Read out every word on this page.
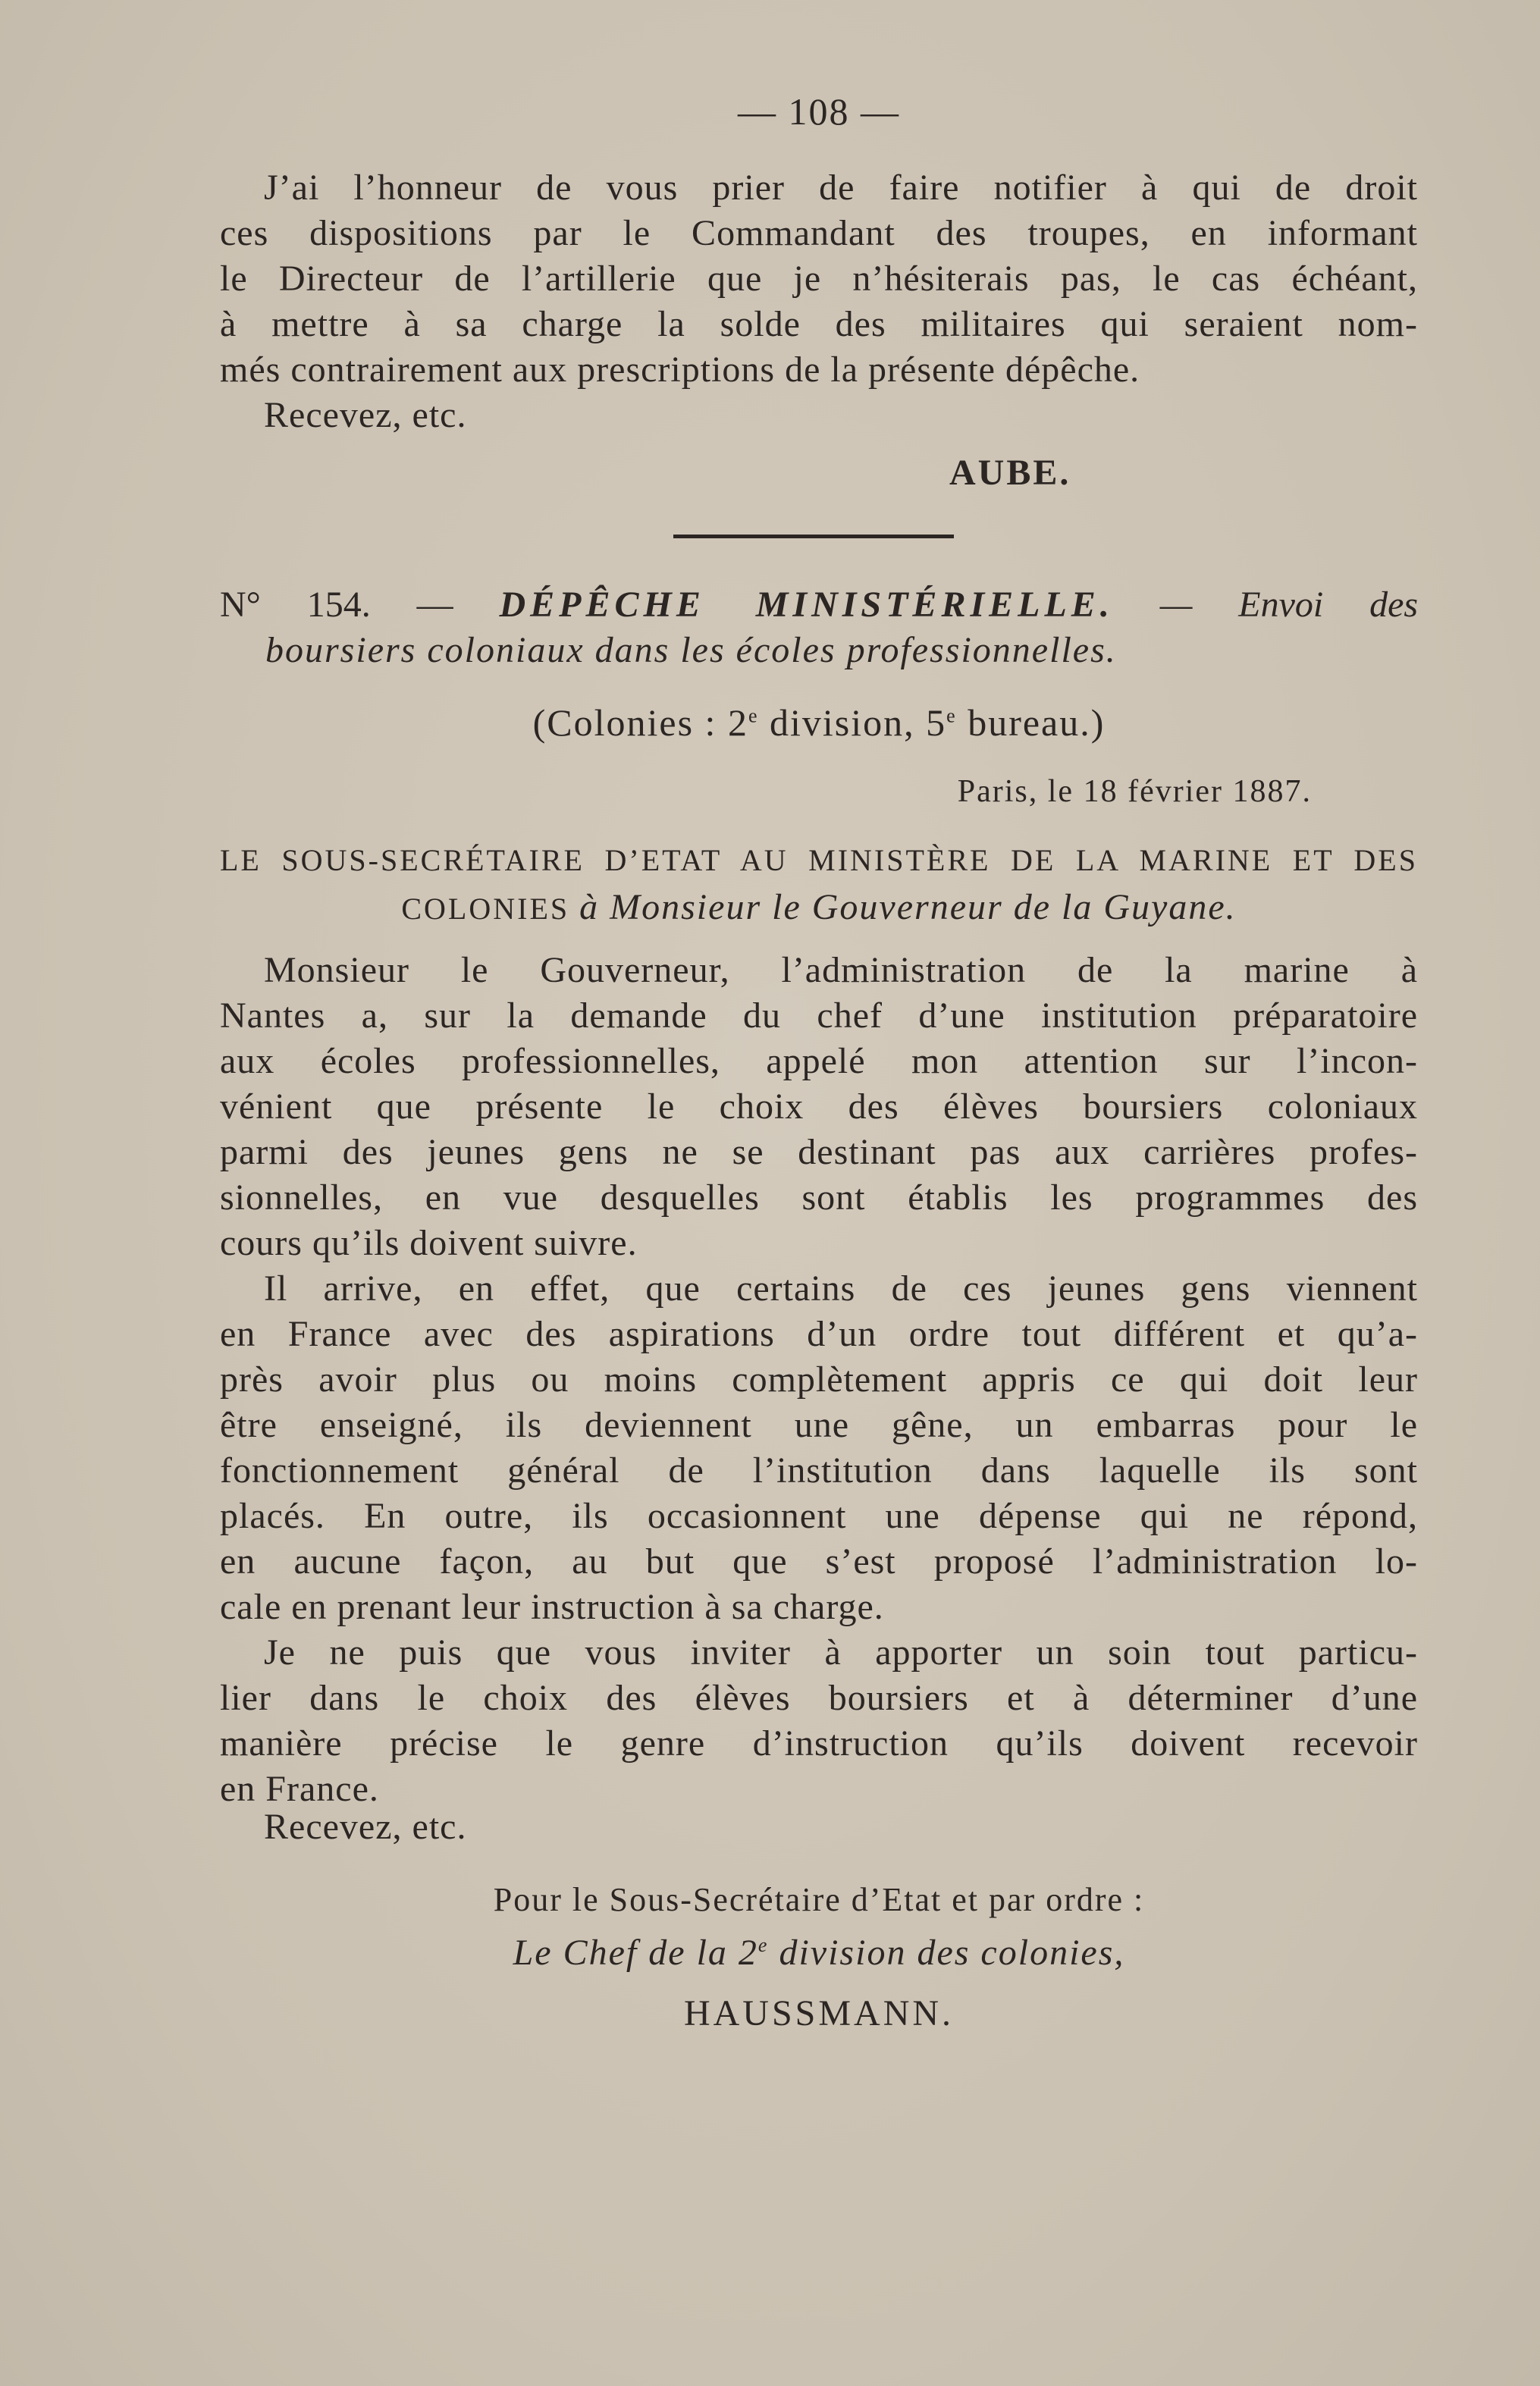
— 108 —
J’ai l’honneur de vous prier de faire notifier à qui de droit
ces dispositions par le Commandant des troupes, en informant
le Directeur de l’artillerie que je n’hésiterais pas, le cas échéant,
à mettre à sa charge la solde des militaires qui seraient nom-
més contrairement aux prescriptions de la présente dépêche.
Recevez, etc.
AUBE.
N° 154. — DÉPÊCHE MINISTÉRIELLE. — Envoi des
boursiers coloniaux dans les écoles professionnelles.
(Colonies : 2e division, 5e bureau.)
Paris, le 18 février 1887.
LE SOUS-SECRÉTAIRE D’ETAT AU MINISTÈRE DE LA MARINE ET DES
COLONIES à Monsieur le Gouverneur de la Guyane.
Monsieur le Gouverneur, l’administration de la marine à
Nantes a, sur la demande du chef d’une institution préparatoire
aux écoles professionnelles, appelé mon attention sur l’incon-
vénient que présente le choix des élèves boursiers coloniaux
parmi des jeunes gens ne se destinant pas aux carrières profes-
sionnelles, en vue desquelles sont établis les programmes des
cours qu’ils doivent suivre.
Il arrive, en effet, que certains de ces jeunes gens viennent
en France avec des aspirations d’un ordre tout différent et qu’a-
près avoir plus ou moins complètement appris ce qui doit leur
être enseigné, ils deviennent une gêne, un embarras pour le
fonctionnement général de l’institution dans laquelle ils sont
placés. En outre, ils occasionnent une dépense qui ne répond,
en aucune façon, au but que s’est proposé l’administration lo-
cale en prenant leur instruction à sa charge.
Je ne puis que vous inviter à apporter un soin tout particu-
lier dans le choix des élèves boursiers et à déterminer d’une
manière précise le genre d’instruction qu’ils doivent recevoir
en France.
Recevez, etc.
Pour le Sous-Secrétaire d’Etat et par ordre :
Le Chef de la 2e division des colonies,
HAUSSMANN.
